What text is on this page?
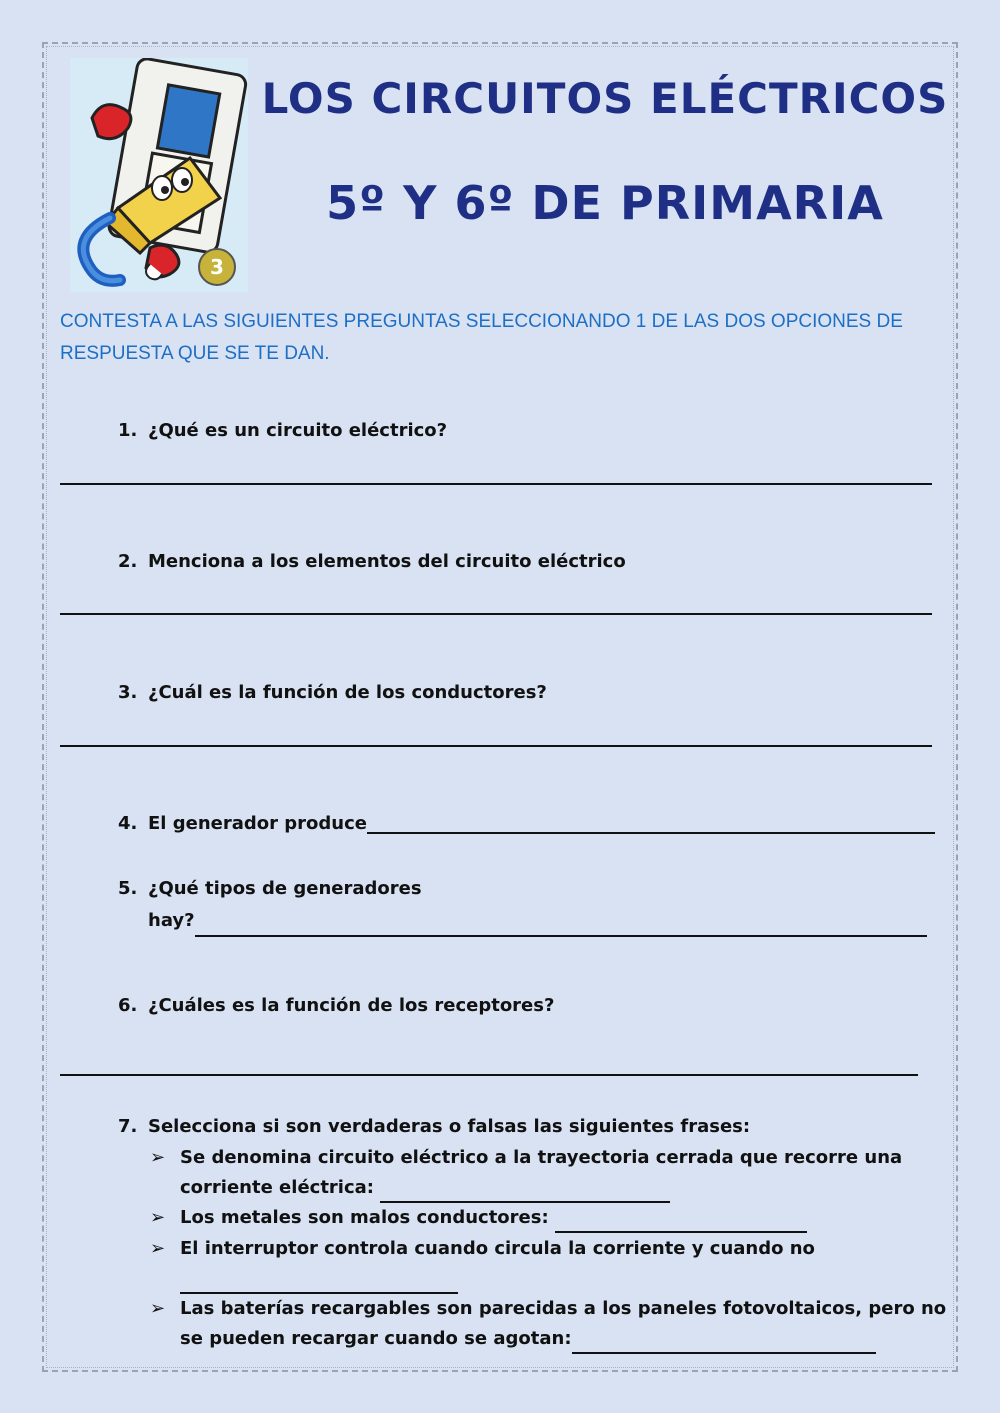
3
LOS CIRCUITOS ELÉCTRICOS
5º Y 6º DE PRIMARIA
CONTESTA A LAS SIGUIENTES PREGUNTAS SELECCIONANDO 1 DE LAS DOS OPCIONES DE RESPUESTA QUE SE TE DAN.
1. ¿Qué es un circuito eléctrico?
2. Menciona a los elementos del circuito eléctrico
3. ¿Cuál es la función de los conductores?
4. El generador produce
5. ¿Qué tipos de generadores
hay?
6. ¿Cuáles es la función de los receptores?
7. Selecciona si son verdaderas o falsas las siguientes frases:
➢ Se denomina circuito eléctrico a la trayectoria cerrada que recorre una
corriente eléctrica:
➢ Los metales son malos conductores:
➢ El interruptor controla cuando circula la corriente y cuando no
➢ Las baterías recargables son parecidas a los paneles fotovoltaicos, pero no
se pueden recargar cuando se agotan:
